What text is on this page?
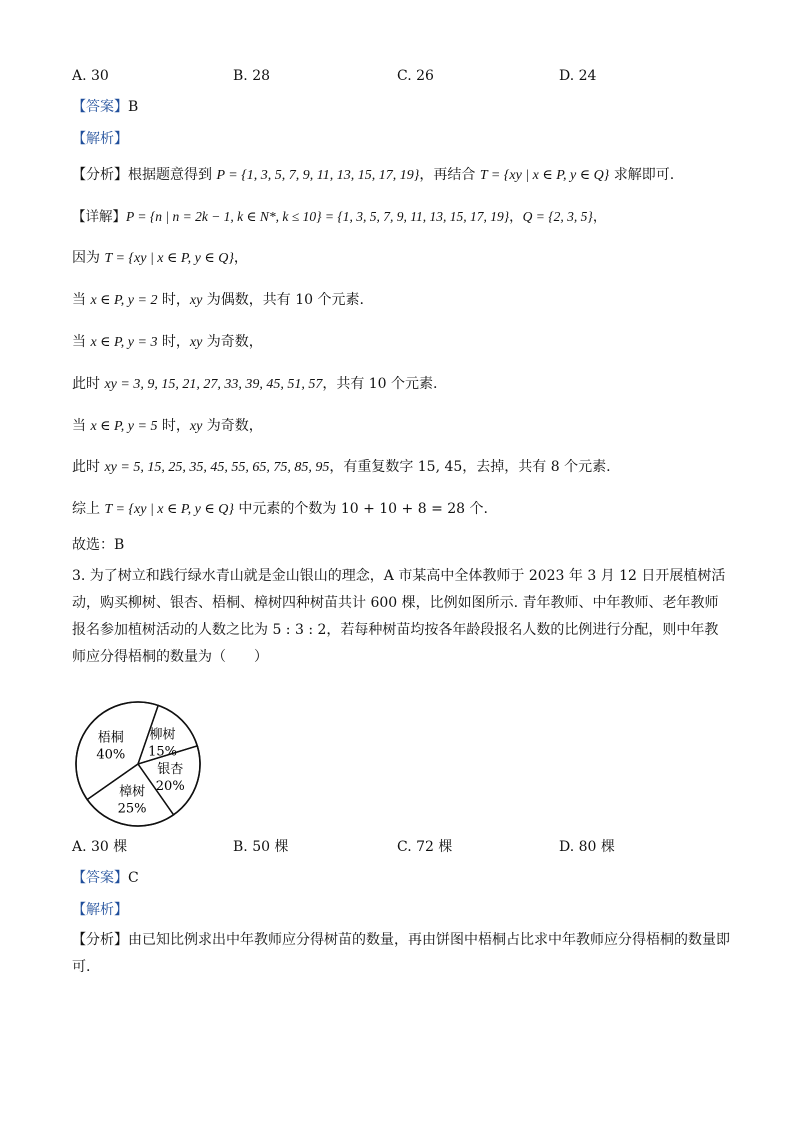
A. 30	B. 28	C. 26	D. 24
【答案】B
【解析】
【分析】根据题意得到 P = {1, 3, 5, 7, 9, 11, 13, 15, 17, 19}，再结合 T = {xy | x ∈ P, y ∈ Q} 求解即可.
【详解】P = {n | n = 2k − 1, k ∈ N*, k ≤ 10} = {1, 3, 5, 7, 9, 11, 13, 15, 17, 19}，Q = {2, 3, 5}，
因为 T = {xy | x ∈ P, y ∈ Q}，
当 x ∈ P, y = 2 时，xy 为偶数，共有 10 个元素.
当 x ∈ P, y = 3 时，xy 为奇数，
此时 xy = 3, 9, 15, 21, 27, 33, 39, 45, 51, 57，共有 10 个元素.
当 x ∈ P, y = 5 时，xy 为奇数，
此时 xy = 5, 15, 25, 35, 45, 55, 65, 75, 85, 95，有重复数字 15, 45，去掉，共有 8 个元素.
综上 T = {xy | x ∈ P, y ∈ Q} 中元素的个数为 10 + 10 + 8 = 28 个.
故选：B
3. 为了树立和践行绿水青山就是金山银山的理念，A 市某高中全体教师于 2023 年 3 月 12 日开展植树活动，购买柳树、银杏、梧桐、樟树四种树苗共计 600 棵，比例如图所示. 青年教师、中年教师、老年教师报名参加植树活动的人数之比为 5 : 3 : 2，若每种树苗均按各年龄段报名人数的比例进行分配，则中年教师应分得梧桐的数量为（　　）
梧桐
40%
柳树
15%
银杏
20%
樟树
25%
A. 30 棵	B. 50 棵	C. 72 棵	D. 80 棵
【答案】C
【解析】
【分析】由已知比例求出中年教师应分得树苗的数量，再由饼图中梧桐占比求中年教师应分得梧桐的数量即可.
